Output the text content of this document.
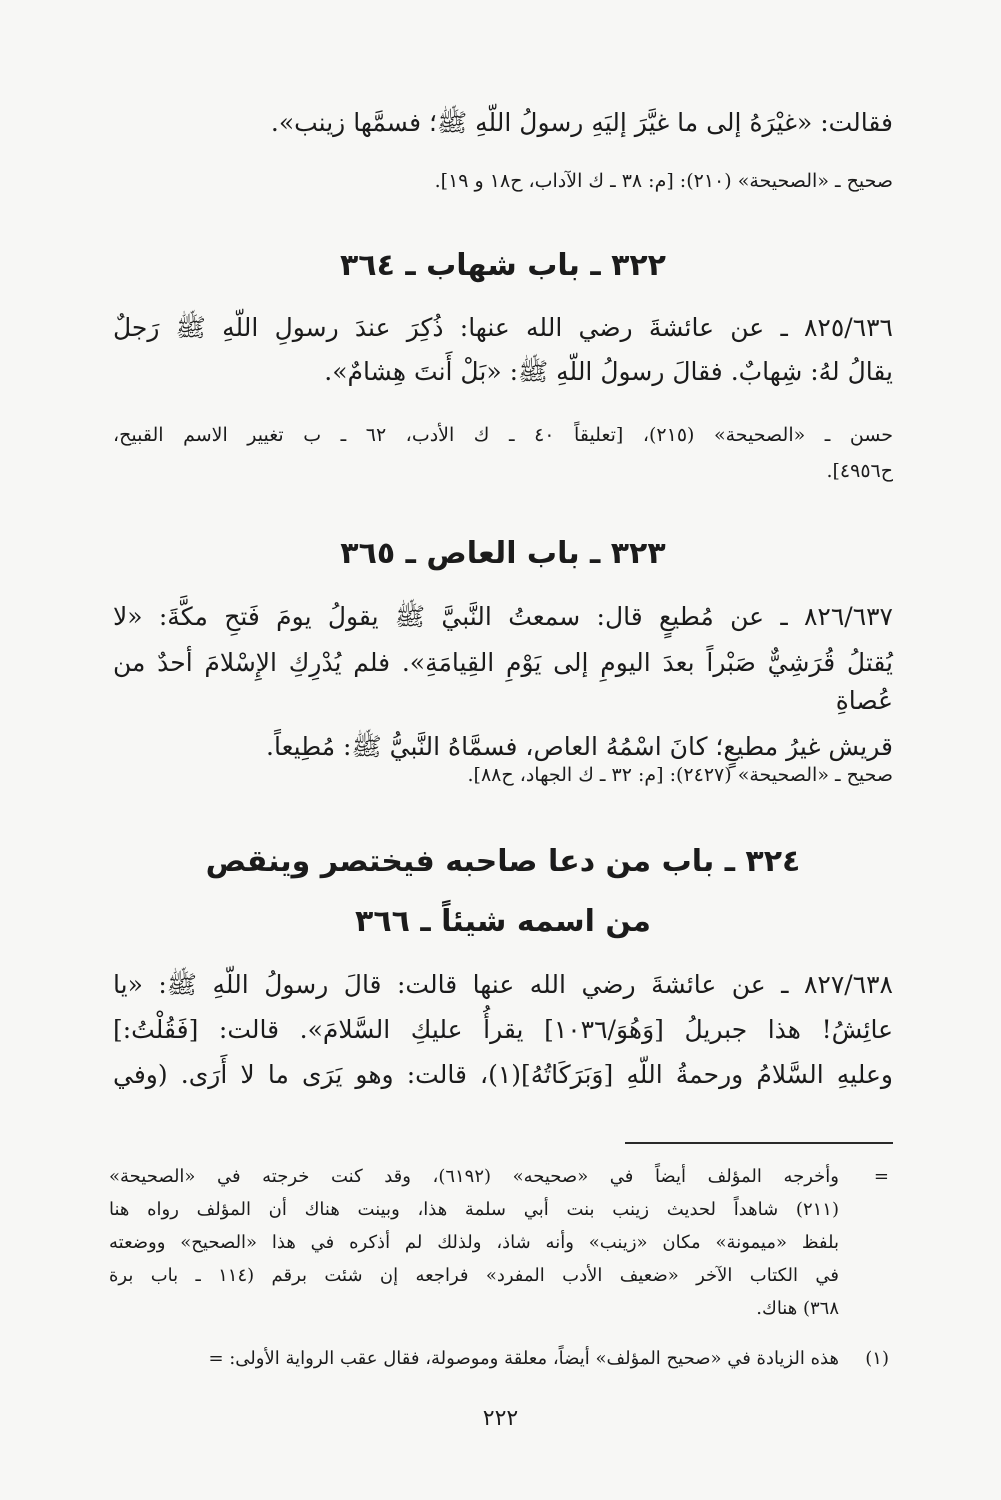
فقالت: «غيْرَهُ إلى ما غيَّرَ إليَهِ رسولُ اللّهِ ﷺ؛ فسمَّها زينب».

صحيح ـ «الصحيحة» (٢١٠): [م: ٣٨ ـ ك الآداب، ح١٨ و ١٩].

٣٢٢ ـ باب شهاب ـ ٣٦٤

٨٢٥/٦٣٦ ـ عن عائشةَ رضي الله عنها: ذُكِرَ عندَ رسولِ اللّهِ ﷺ رَجلٌ

يقالُ لهُ: شِهابٌ. فقالَ رسولُ اللّهِ ﷺ: «بَلْ أَنتَ هِشامٌ».

حسن ـ «الصحيحة» (٢١٥)، [تعليقاً ٤٠ ـ ك الأدب، ٦٢ ـ ب تغيير الاسم القبيح،

ح٤٩٥٦].

٣٢٣ ـ باب العاص ـ ٣٦٥

٨٢٦/٦٣٧ ـ عن مُطيعٍ قال: سمعتُ النَّبيَّ ﷺ يقولُ يومَ فَتحِ مكَّةَ: «لا

يُقتلُ قُرَشِيٌّ صَبْراً بعدَ اليومِ إلى يَوْمِ القِيامَةِ». فلم يُدْرِكِ الإِسْلامَ أحدٌ من عُصاةِ

قريش غيرُ مطيعٍ؛ كانَ اسْمُهُ العاص، فسمَّاهُ النَّبيُّ ﷺ: مُطِيعاً.

صحيح ـ «الصحيحة» (٢٤٢٧): [م: ٣٢ ـ ك الجهاد، ح٨٨].

٣٢٤ ـ باب من دعا صاحبه فيختصر وينقص

من اسمه شيئاً ـ ٣٦٦

٨٢٧/٦٣٨ ـ عن عائشةَ رضي الله عنها قالت: قالَ رسولُ اللّهِ ﷺ: «يا

عائِشُ! هذا جبريلُ [وَهُوَ/١٠٣٦] يقرأُ عليكِ السَّلامَ». قالت: [فَقُلْتُ:]

وعليهِ السَّلامُ ورحمةُ اللّهِ [وَبَرَكَاتُهُ](١)، قالت: وهو يَرَى ما لا أَرَى. (وفي

=

وأخرجه المؤلف أيضاً في «صحيحه» (٦١٩٢)، وقد كنت خرجته في «الصحيحة»

(٢١١) شاهداً لحديث زينب بنت أبي سلمة هذا، وبينت هناك أن المؤلف رواه هنا

بلفظ «ميمونة» مكان «زينب» وأنه شاذ، ولذلك لم أذكره في هذا «الصحيح» ووضعته

في الكتاب الآخر «ضعيف الأدب المفرد» فراجعه إن شئت برقم (١١٤ ـ باب برة

٣٦٨) هناك.

(١)

هذه الزيادة في «صحيح المؤلف» أيضاً، معلقة وموصولة، فقال عقب الرواية الأولى: =

٢٢٢
